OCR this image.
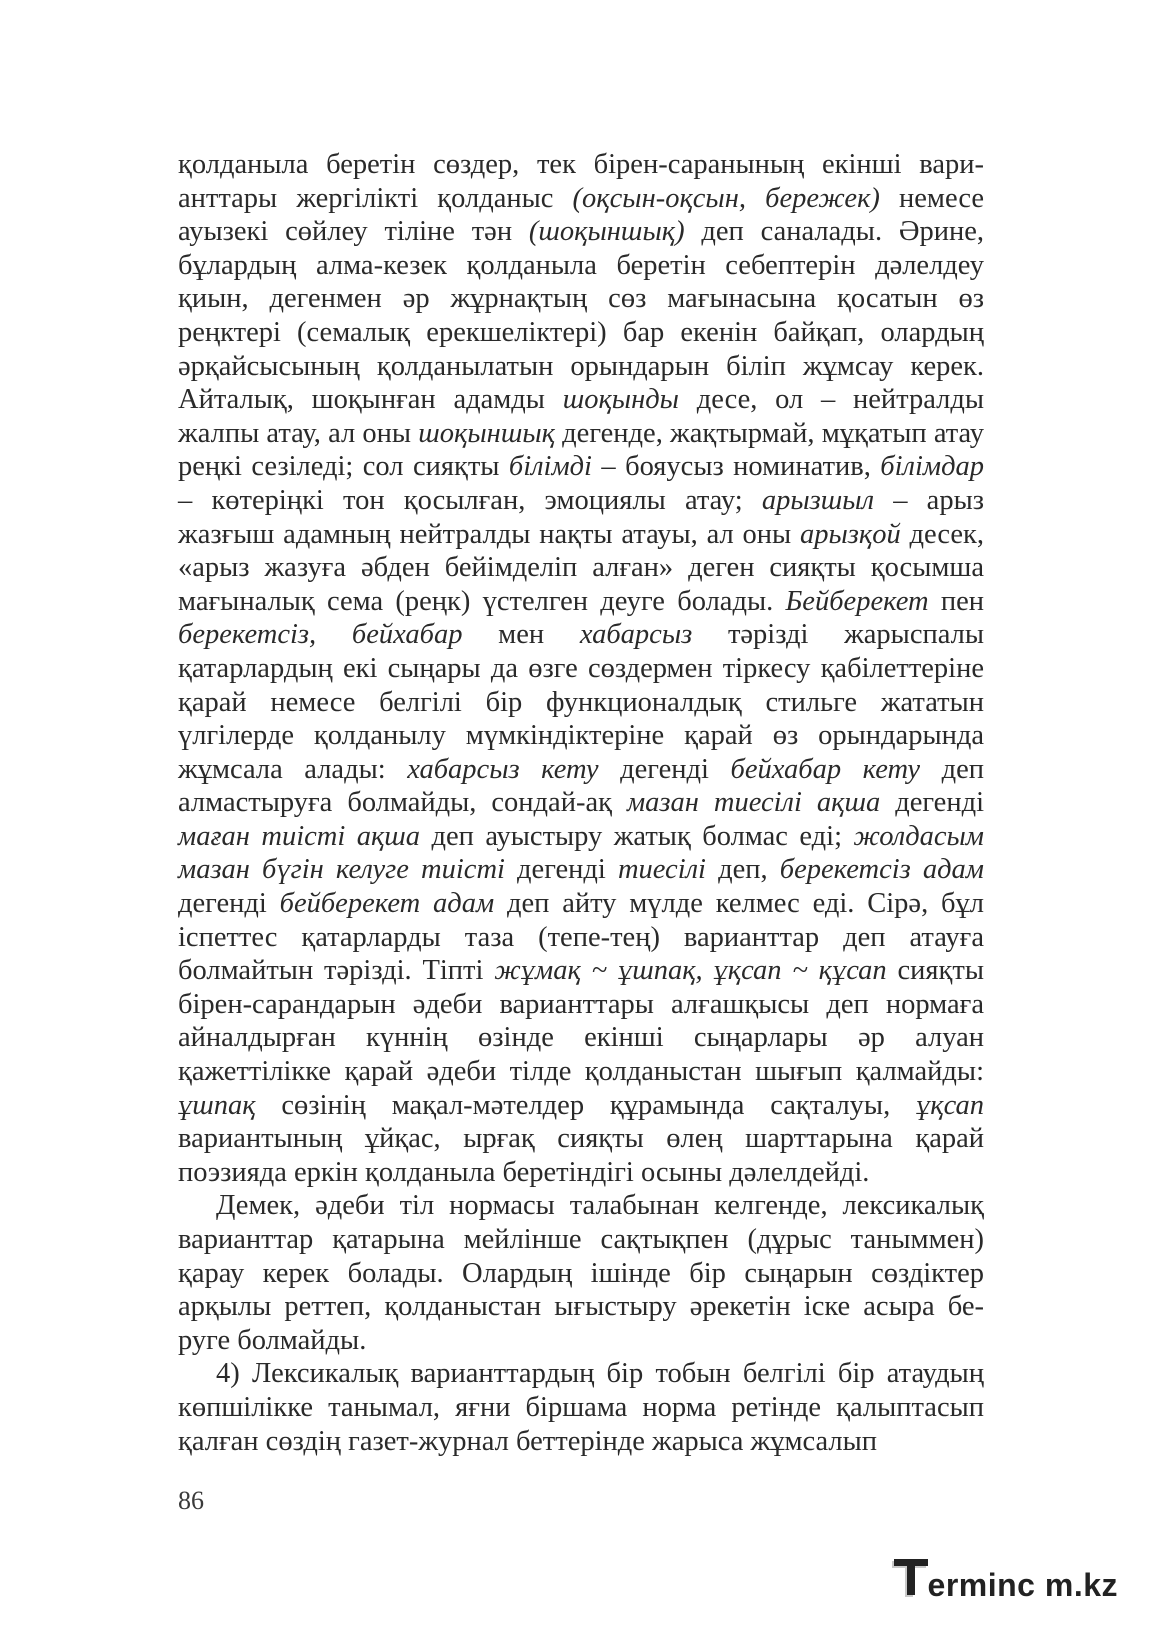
қолданыла беретін сөздер, тек бірен-саранының екінші варианттары жергілікті қолданыс (оқсын-оқсын, бережек) немесе ауызекі сөйлеу тіліне тән (шоқыншық) деп саналады. Әрине, бұлардың алма-кезек қолданыла беретін себептерін дәлелдеу қиын, дегенмен әр жұрнақтың сөз мағынасына қосатын өз реңктері (семалық ерекшеліктері) бар екенін байқап, олардың әрқайсысының қолданылатын орындарын біліп жұмсау керек. Айталық, шоқынған адамды шоқынды десе, ол – нейтралды жалпы атау, ал оны шоқыншық дегенде, жақтырмай, мұқатып атау реңкі сезіледі; сол сияқты білімді – бояусыз номинатив, білімдар – көтеріңкі тон қосылған, эмоциялы атау; арызшыл – арыз жазғыш адамның нейтралды нақты атауы, ал оны арызқой десек, «арыз жазуға әбден бейімделіп алған» деген сияқты қосымша мағыналық сема (реңк) үстелген деуге болады. Бейберекет пен берекетсіз, бейхабар мен хабарсыз тәрізді жарыспалы қатарлардың екі сыңары да өзге сөздермен тіркесу қабілеттеріне қарай немесе белгілі бір функционалдық стильге жататын үлгілерде қолданылу мүмкіндіктеріне қарай өз орындарында жұмсала алады: хабарсыз кету дегенді бейхабар кету деп алмастыруға болмайды, сондай-ақ мазан тиесілі ақша дегенді маған тиісті ақша деп ауыстыру жатық болмас еді; жолдасым мазан бүгін келуге тиісті дегенді тиесілі деп, берекетсіз адам дегенді бейберекет адам деп айту мүлде келмес еді. Сірә, бұл іспеттес қатарларды таза (тепе-тең) варианттар деп атауға болмайтын тәрізді. Тіпті жұмақ ~ ұшпақ, ұқсап ~ құсап сияқты бірен-сарандарын әдеби варианттары алғашқысы деп нормаға айналдырған күннің өзінде екінші сыңарлары әр алуан қажеттілікке қарай әдеби тілде қолданыстан шығып қалмайды: ұшпақ сөзінің мақал-мәтелдер құрамында сақталуы, ұқсап вариантының ұйқас, ырғақ сияқты өлең шарттарына қарай поэзияда еркін қолданыла беретіндігі осыны дәлелдейді.

Демек, әдеби тіл нормасы талабынан келгенде, лексикалық варианттар қатарына мейлінше сақтықпен (дұрыс таныммен) қарау керек болады. Олардың ішінде бір сыңарын сөздіктер арқылы реттеп, қолданыстан ығыстыру әрекетін іске асыра беруге болмайды.

4) Лексикалық варианттардың бір тобын белгілі бір атаудың көпшілікке танымал, яғни біршама норма ретінде қалыптасып қалған сөздің газет-журнал беттерінде жарыса жұмсалып

86
erminc m.kz
